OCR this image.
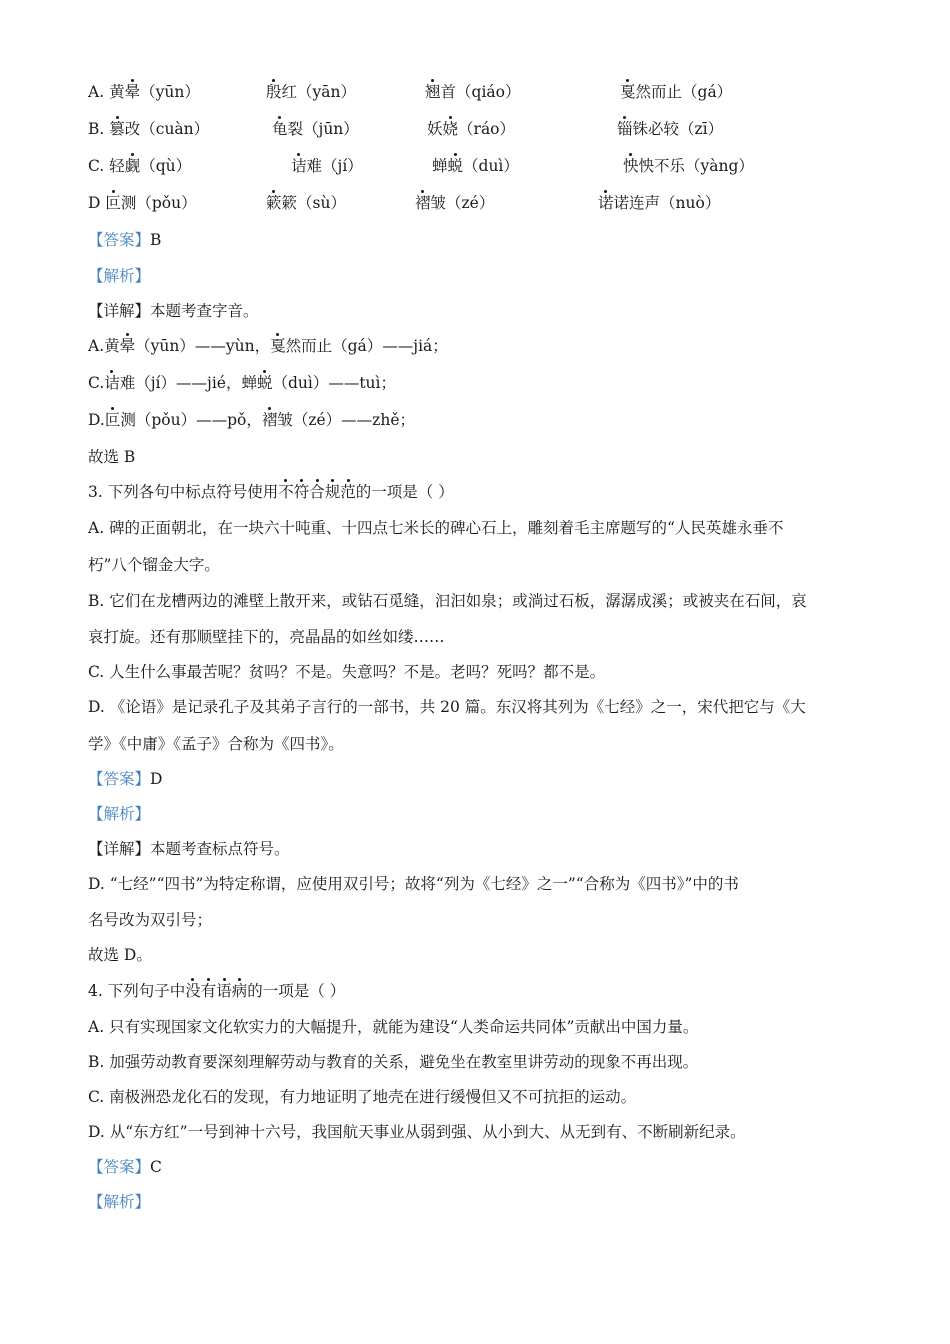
A. 黄晕（yūn）	殷红（yān）	翘首（qiáo）	戛然而止（gá）
B. 篡改（cuàn）	龟裂（jūn）	妖娆（ráo）	锱铢必较（zī）
C. 轻觑（qù）	诘难（jí）	蝉蜕（duì）	怏怏不乐（yàng）
D 叵测（pǒu）	簌簌（sù）	褶皱（zé）	诺诺连声（nuò）
【答案】B
【解析】
【详解】本题考查字音。
A.黄晕（yūn）——yùn，戛然而止（gá）——jiá；
C.诘难（jí）——jié，蝉蜕（duì）——tuì；
D.叵测（pǒu）——pǒ，褶皱（zé）——zhě；
故选 B
3. 下列各句中标点符号使用不符合规范的一项是（ ）
A. 碑的正面朝北，在一块六十吨重、十四点七米长的碑心石上，雕刻着毛主席题写的“人民英雄永垂不
朽”八个镏金大字。
B. 它们在龙槽两边的滩壁上散开来，或钻石觅缝，汩汩如泉；或淌过石板，潺潺成溪；或被夹在石间，哀
哀打旋。还有那顺壁挂下的，亮晶晶的如丝如缕……
C. 人生什么事最苦呢？贫吗？不是。失意吗？不是。老吗？死吗？都不是。
D. 《论语》是记录孔子及其弟子言行的一部书，共 20 篇。东汉将其列为《七经》之一，宋代把它与《大
学》《中庸》《孟子》合称为《四书》。
【答案】D
【解析】
【详解】本题考查标点符号。
D. “七经”“四书”为特定称谓，应使用双引号；故将“列为《七经》之一”“合称为《四书》”中的书
名号改为双引号；
故选 D。
4. 下列句子中没有语病的一项是（ ）
A. 只有实现国家文化软实力的大幅提升，就能为建设“人类命运共同体”贡献出中国力量。
B. 加强劳动教育要深刻理解劳动与教育的关系，避免坐在教室里讲劳动的现象不再出现。
C. 南极洲恐龙化石的发现，有力地证明了地壳在进行缓慢但又不可抗拒的运动。
D. 从“东方红”一号到神十六号，我国航天事业从弱到强、从小到大、从无到有、不断刷新纪录。
【答案】C
【解析】
